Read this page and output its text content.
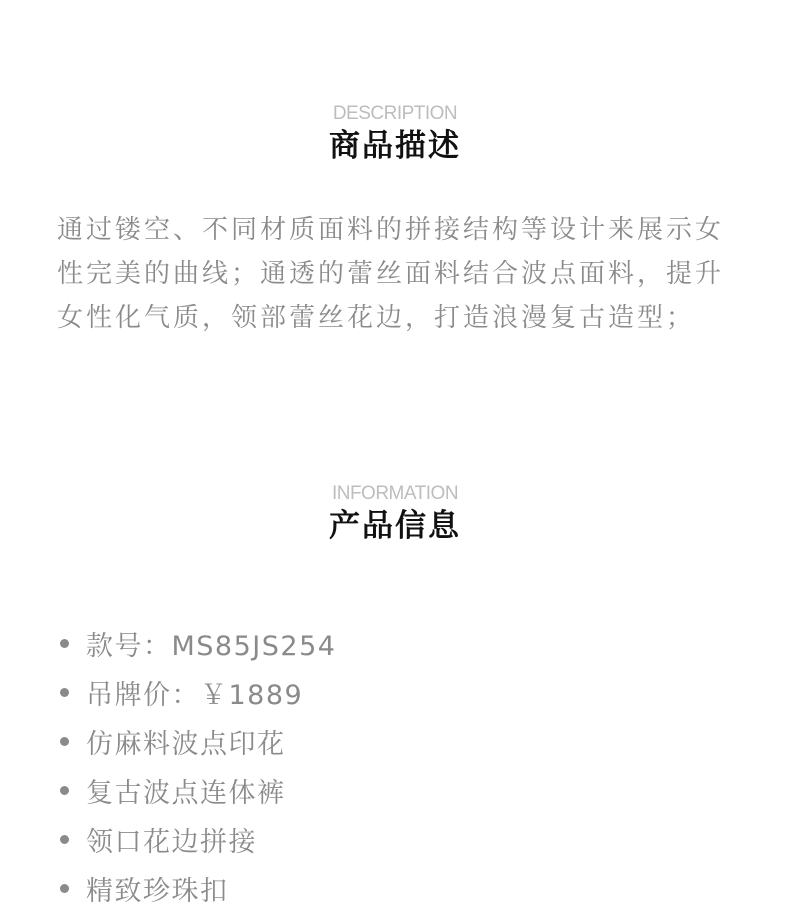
DESCRIPTION
商品描述

通过镂空、不同材质面料的拼接结构等设计来展示女性完美的曲线；通透的蕾丝面料结合波点面料，提升女性化气质，领部蕾丝花边，打造浪漫复古造型；

INFORMATION
产品信息
款号：MS85JS254
吊牌价：￥1889
仿麻料波点印花
复古波点连体裤
领口花边拼接
精致珍珠扣
